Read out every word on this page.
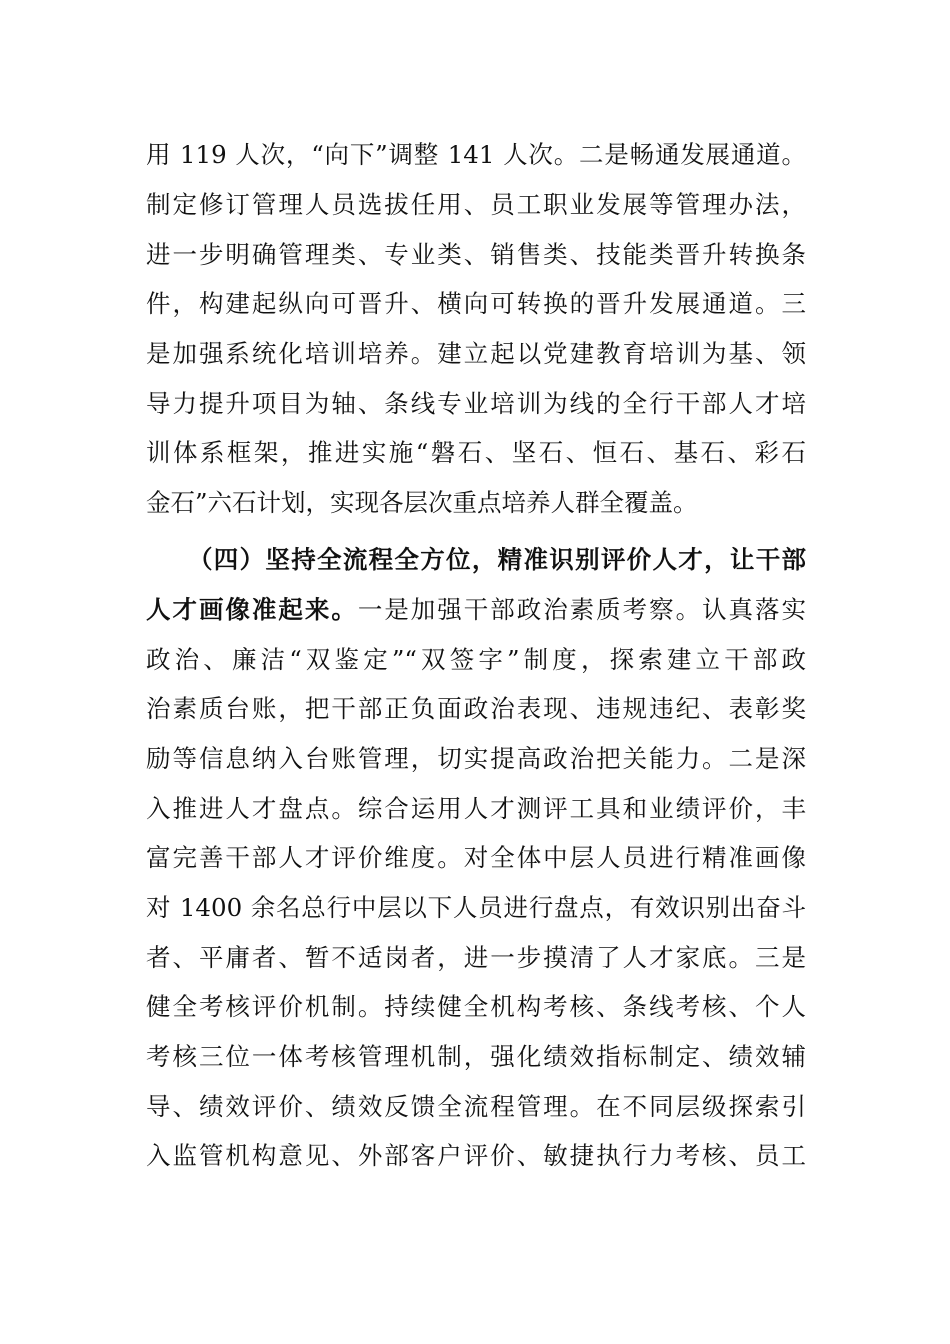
用 119 人次，“向下”调整 141 人次。二是畅通发展通道。
制定修订管理人员选拔任用、员工职业发展等管理办法，
进一步明确管理类、专业类、销售类、技能类晋升转换条
件，构建起纵向可晋升、横向可转换的晋升发展通道。三
是加强系统化培训培养。建立起以党建教育培训为基、领
导力提升项目为轴、条线专业培训为线的全行干部人才培
训体系框架，推进实施“磐石、坚石、恒石、基石、彩石
金石”六石计划，实现各层次重点培养人群全覆盖。
（四）坚持全流程全方位，精准识别评价人才，让干部
人才画像准起来。一是加强干部政治素质考察。认真落实
政治、廉洁“双鉴定”“双签字”制度，探索建立干部政
治素质台账，把干部正负面政治表现、违规违纪、表彰奖
励等信息纳入台账管理，切实提高政治把关能力。二是深
入推进人才盘点。综合运用人才测评工具和业绩评价，丰
富完善干部人才评价维度。对全体中层人员进行精准画像
对 1400 余名总行中层以下人员进行盘点，有效识别出奋斗
者、平庸者、暂不适岗者，进一步摸清了人才家底。三是
健全考核评价机制。持续健全机构考核、条线考核、个人
考核三位一体考核管理机制，强化绩效指标制定、绩效辅
导、绩效评价、绩效反馈全流程管理。在不同层级探索引
入监管机构意见、外部客户评价、敏捷执行力考核、员工
